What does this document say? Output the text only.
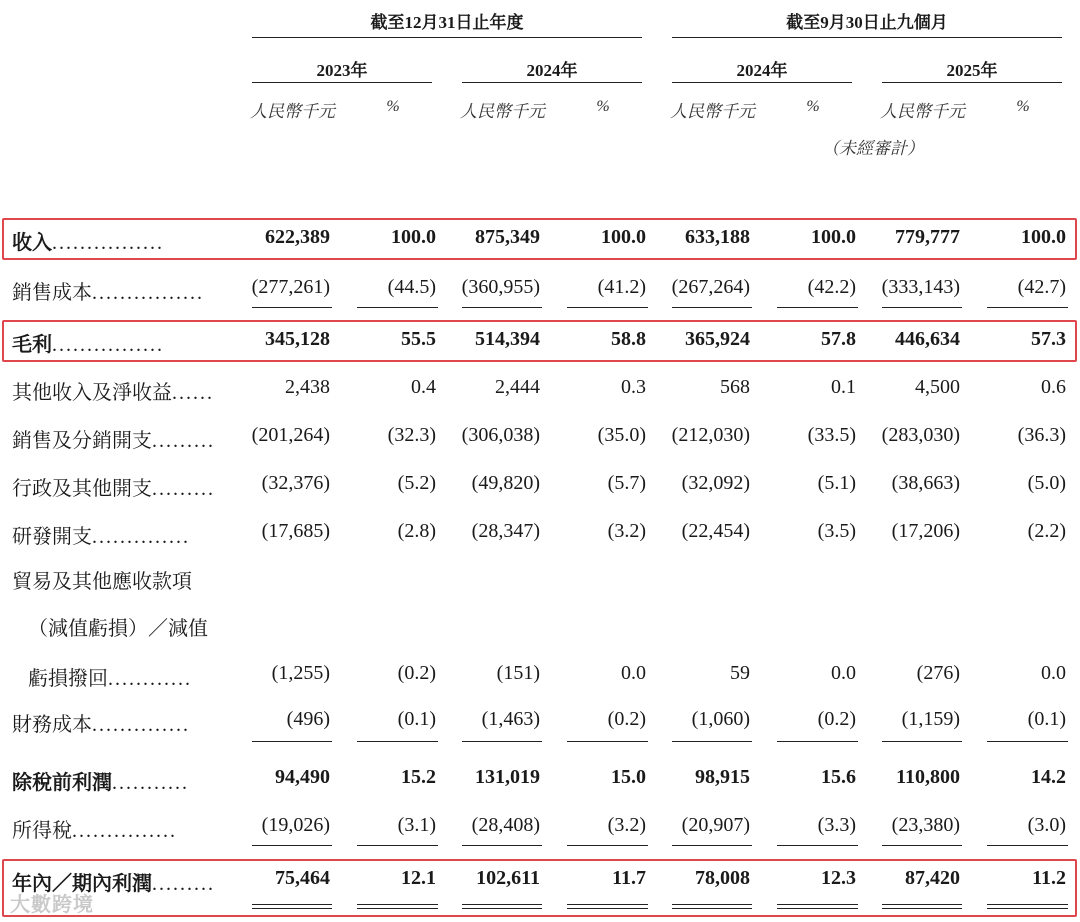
截至12月31日止年度	截至9月30日止九個月
2023年	2024年	2024年	2025年
人民幣千元	%	人民幣千元	%	人民幣千元	%	人民幣千元	%
（未經審計）
收入................	622,389	100.0	875,349	100.0	633,188	100.0	779,777	100.0
銷售成本................	(277,261)	(44.5)	(360,955)	(41.2)	(267,264)	(42.2)	(333,143)	(42.7)
毛利................	345,128	55.5	514,394	58.8	365,924	57.8	446,634	57.3
其他收入及淨收益......	2,438	0.4	2,444	0.3	568	0.1	4,500	0.6
銷售及分銷開支.........	(201,264)	(32.3)	(306,038)	(35.0)	(212,030)	(33.5)	(283,030)	(36.3)
行政及其他開支.........	(32,376)	(5.2)	(49,820)	(5.7)	(32,092)	(5.1)	(38,663)	(5.0)
研發開支..............	(17,685)	(2.8)	(28,347)	(3.2)	(22,454)	(3.5)	(17,206)	(2.2)
貿易及其他應收款項
（減值虧損）／減值
虧損撥回............	(1,255)	(0.2)	(151)	0.0	59	0.0	(276)	0.0
財務成本..............	(496)	(0.1)	(1,463)	(0.2)	(1,060)	(0.2)	(1,159)	(0.1)
除稅前利潤...........	94,490	15.2	131,019	15.0	98,915	15.6	110,800	14.2
所得稅...............	(19,026)	(3.1)	(28,408)	(3.2)	(20,907)	(3.3)	(23,380)	(3.0)
年內／期內利潤.........	75,464	12.1	102,611	11.7	78,008	12.3	87,420	11.2
大數跨境
